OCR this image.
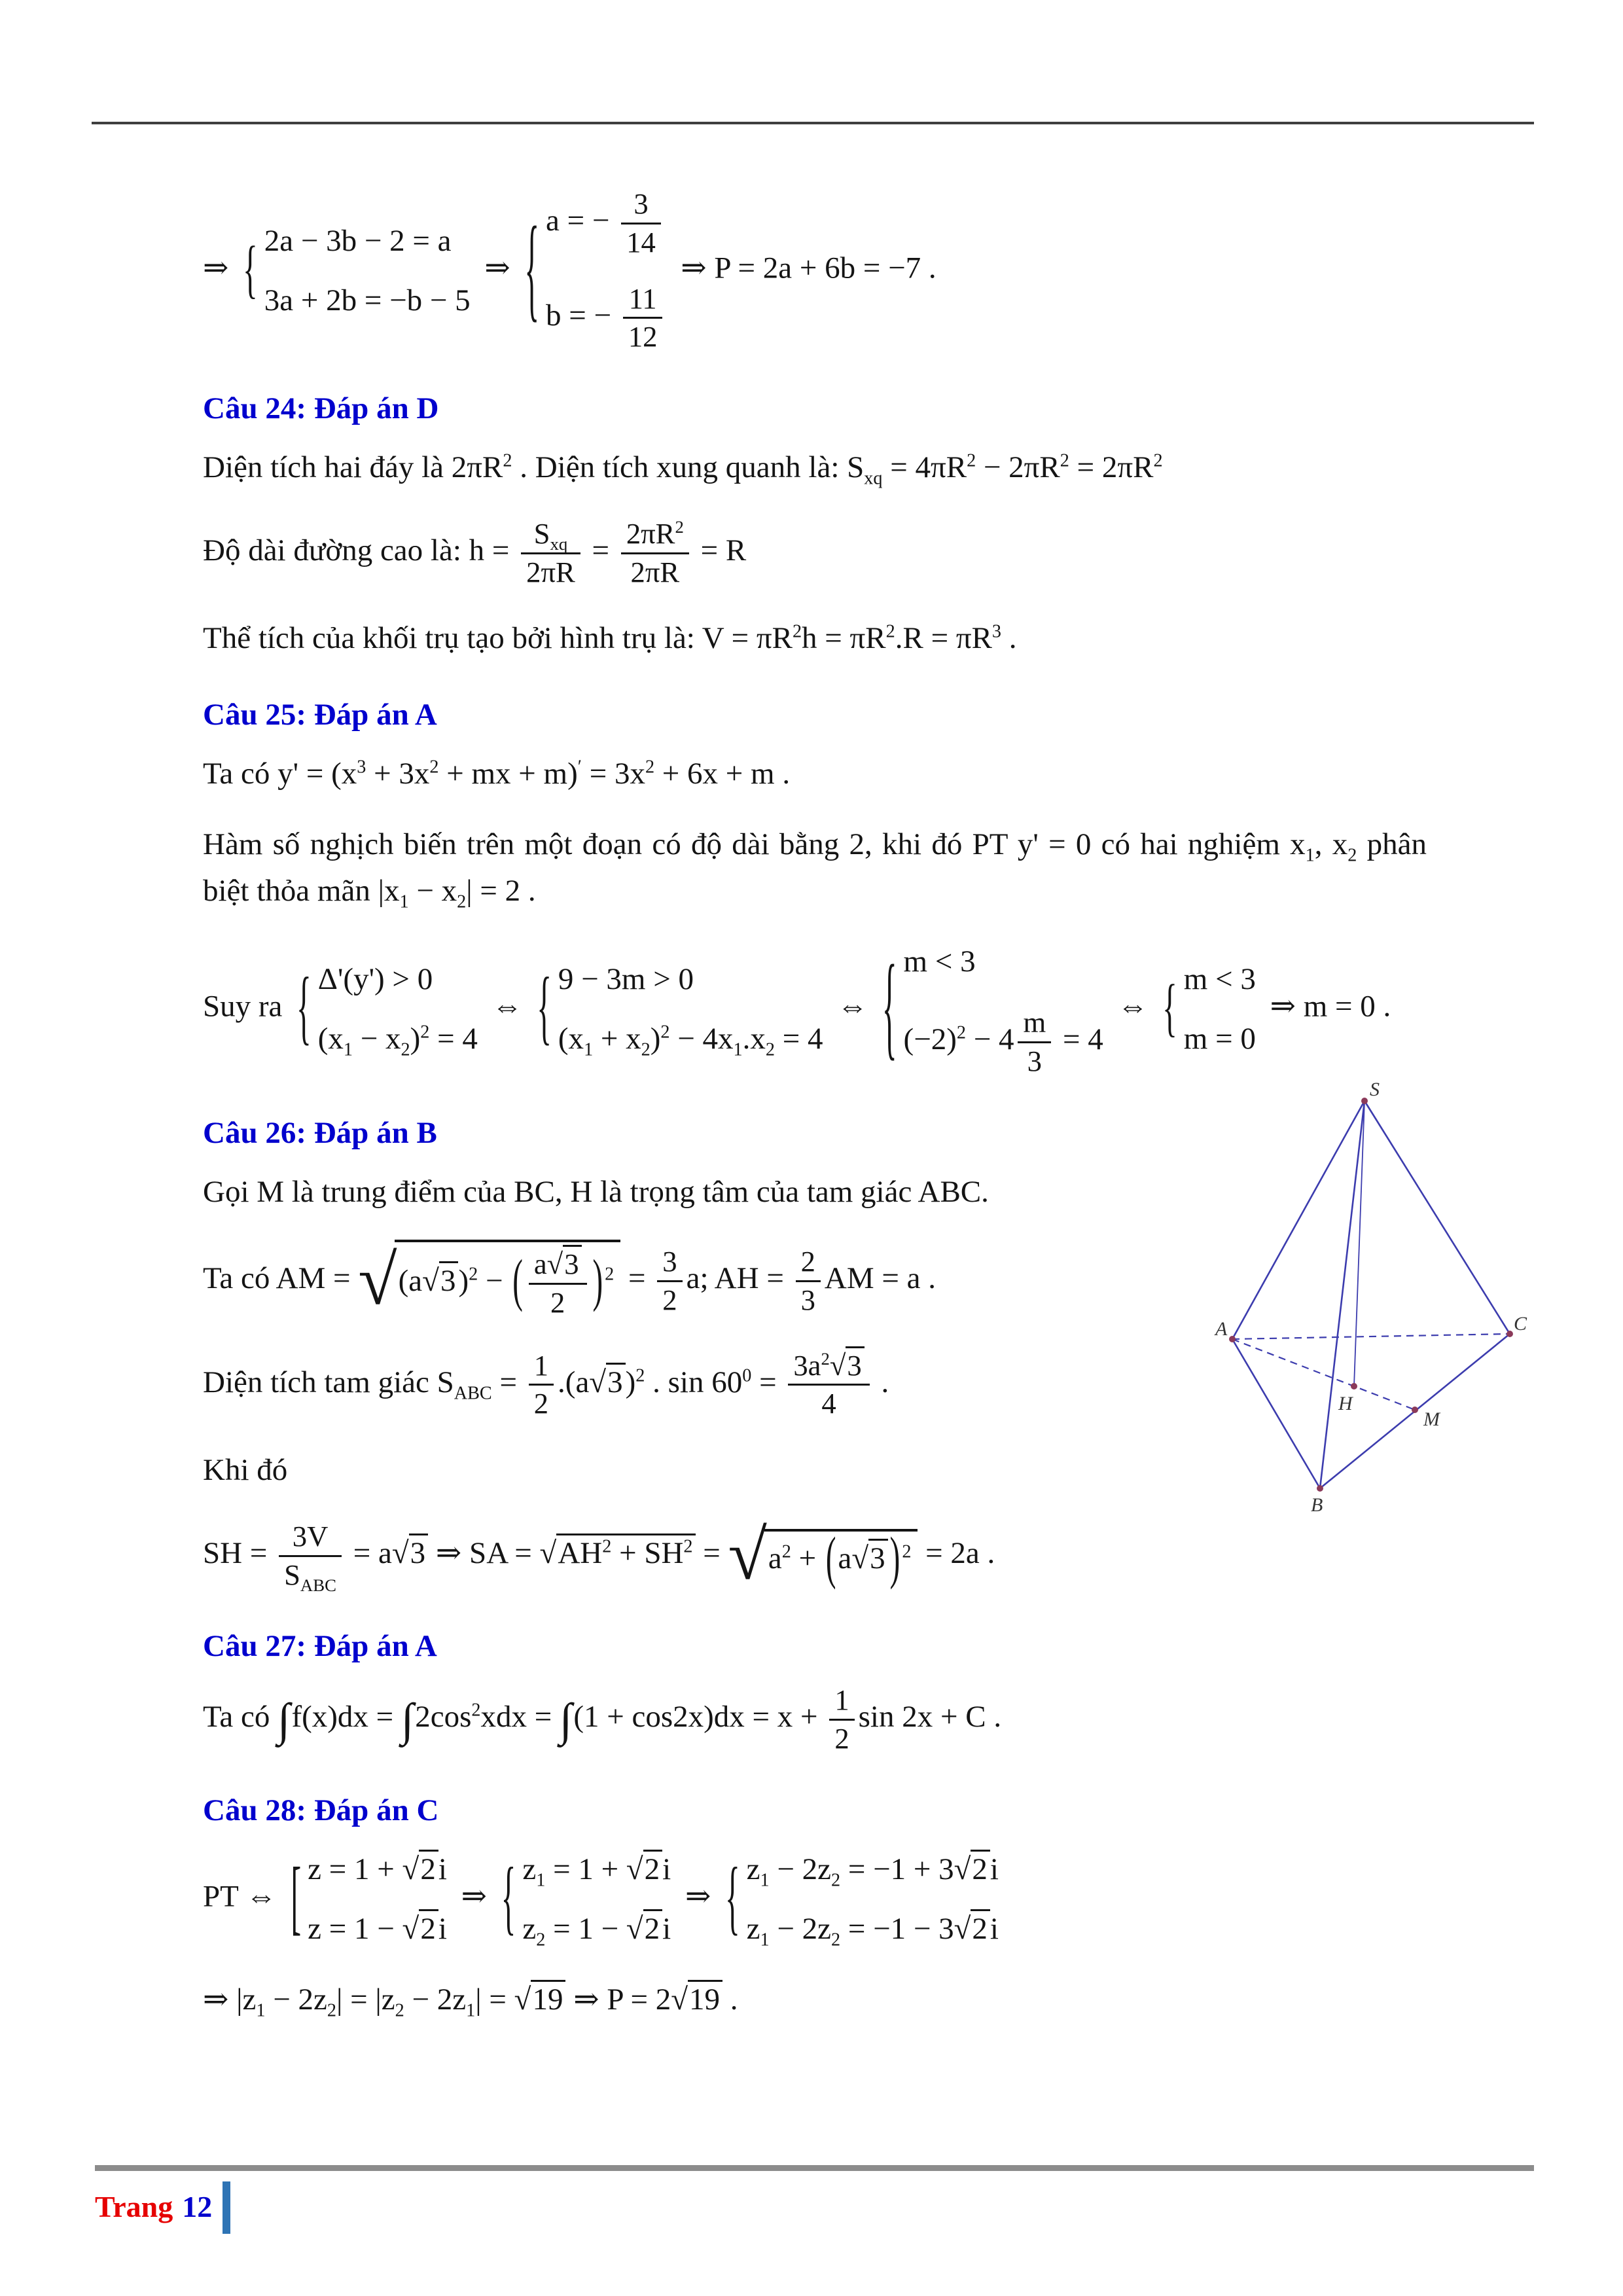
⇒ { 2a − 3b − 2 = a
3a + 2b = −b − 5
⇒ { a = − $\frac{3}{14}$
b = − $\frac{11}{12}$
⇒ P = 2a + 6b = −7 .

Câu 24: Đáp án D

Diện tích hai đáy là $2\pi R^2$ . Diện tích xung quanh là: $S_{xq} = 4\pi R^2 - 2\pi R^2 = 2\pi R^2$

Độ dài đường cao là: $h = \frac{S_{xq}}{2\pi R} = \frac{2\pi R^2}{2\pi R} = R$

Thể tích của khối trụ tạo bởi hình trụ là: $V = \pi R^2h = \pi R^2.R = \pi R^3$ .

Câu 25: Đáp án A

Ta có $y' = (x^3 + 3x^2$ + mx + $m)' = 3x^2 + 6x + m$ .

Hàm số nghịch biến trên một đoạn có độ dài bằng 2, khi đó PT y' = 0 có hai nghiệm $x_1$, $x_2$ phân biệt thỏa mãn $|x_1 - x_2| = 2$ .

Suy ra { Δ'(y') > 0
$(x_1 - x_2)^2 = 4$
⇔ { 9 − 3m > 0
$(x_1 + x_2)^2 - 4x_1.x_2 = 4$
⇔ { m < 3
$(-2)^2 - 4 \frac{m}{3} = 4$
⇔ { m < 3
m = 0
⇒ m = 0 .

Câu 26: Đáp án B
S
A	C
B
H
M

Gọi M là trung điểm của BC, H là trọng tâm của tam giác ABC.

Ta có AM = √ $(a√3)^2$ − ( $\frac{a√3}{2}$ ) $^2 = \frac{3}{2} a$; AH = $\frac{2}{3}$ AM = a .

Diện tích tam giác $S_{ABC} = \frac{1}{2} .(a√3)^2$ . $\sin 60^0 = \frac{3a^2√3}{4}$ .

Khi đó

SH = $\frac{3V}{S_{ABC}} = a√3$ ⇒ SA = $√AH^2 + SH^2$ = √ $a^2 + (a√3$ ) $^2$ = 2a .

Câu 27: Đáp án A

Ta có $\int f(x)dx = \int 2\cos^2xdx = \int(1 + \cos 2x)dx = x + \frac{1}{2}$ sin 2x + C .

Câu 28: Đáp án C

PT ⇔ [ z = 1 + √2i
z = 1 − √2i
⇒ { $z_1 = 1 + √2i$
$z_2 = 1 - √2i$
⇒ { $z_1 - 2z_2 = -1 + 3√2i$
$z_1 - 2z_2 = -1 - 3√2i$

⇒ $|z_1 - 2z_2| = |z_2 - 2z_1| = √19$ ⇒ P = 2√19 .

Trang 12
